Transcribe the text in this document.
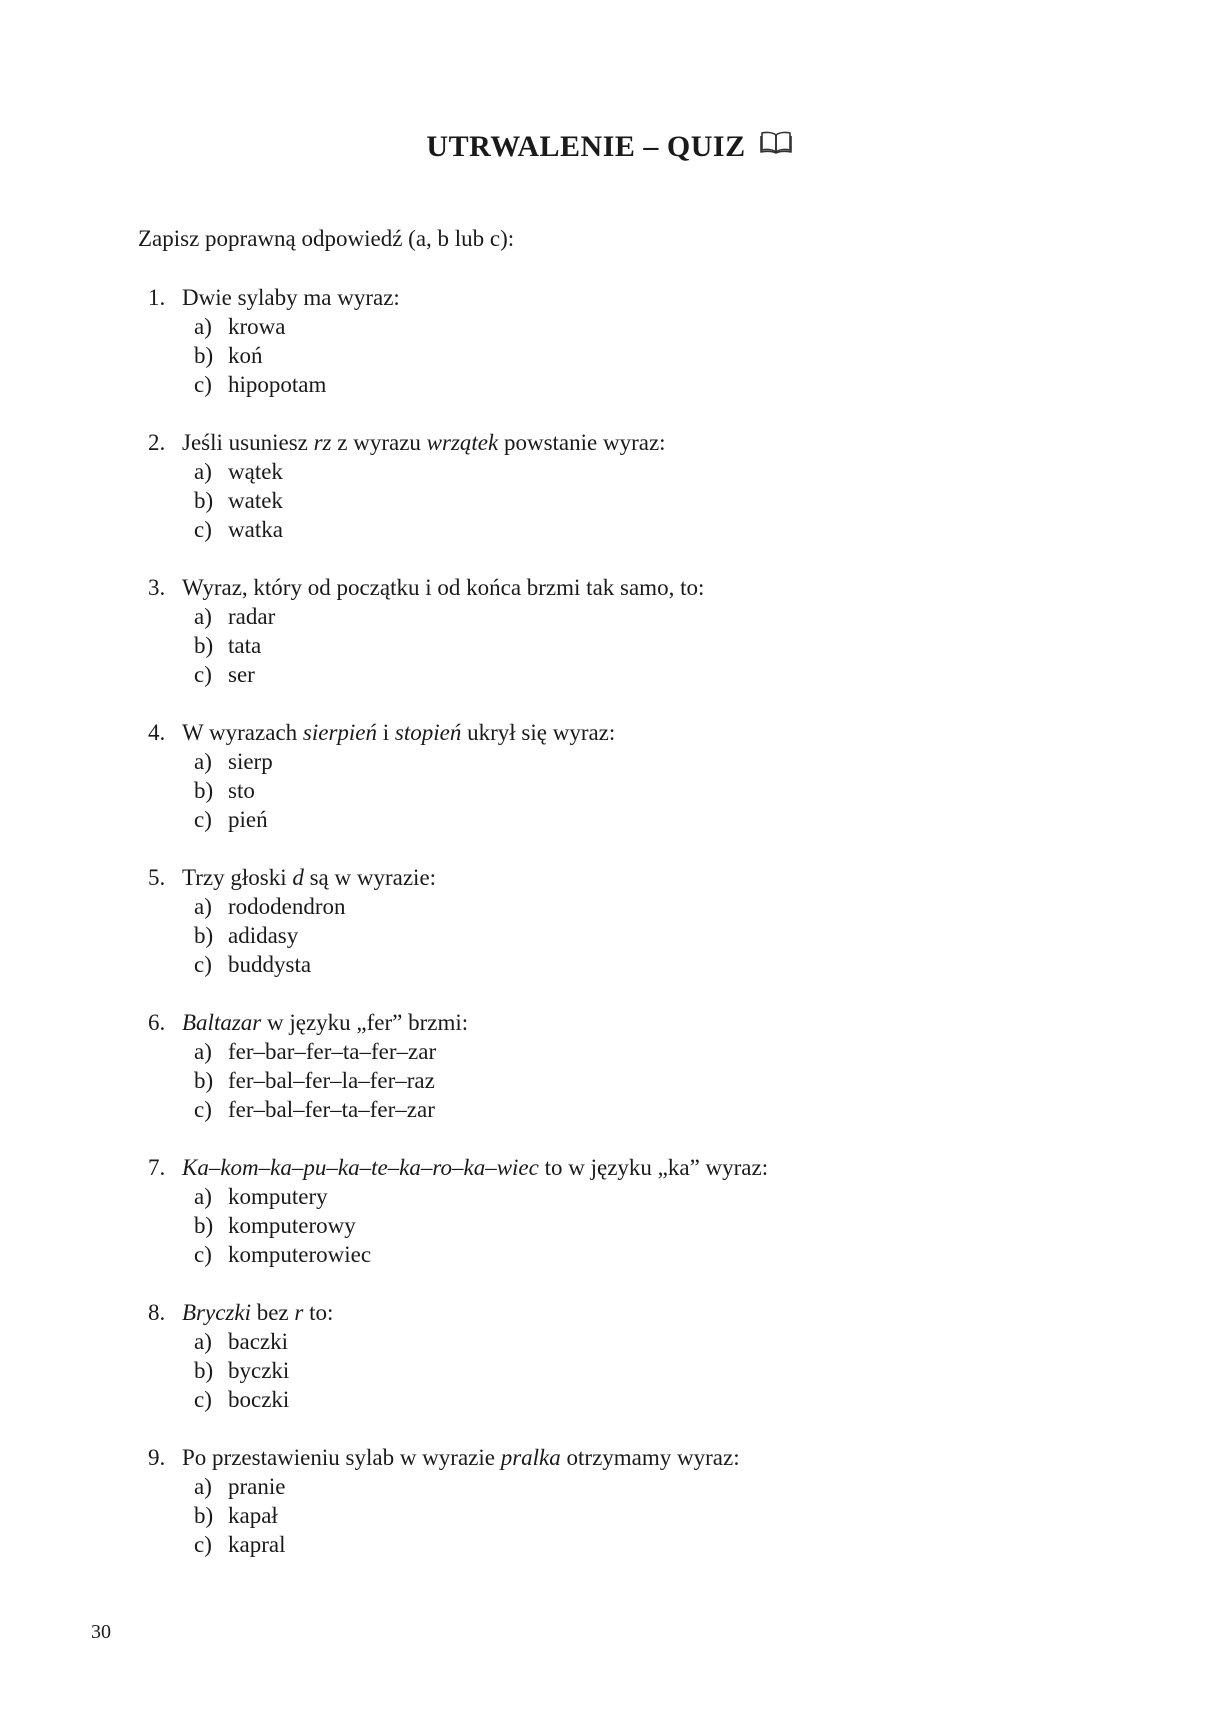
UTRWALENIE – QUIZ

Zapisz poprawną odpowiedź (a, b lub c):

1. Dwie sylaby ma wyraz:
a) krowa
b) koń
c) hipopotam
2. Jeśli usuniesz rz z wyrazu wrzątek powstanie wyraz:
a) wątek
b) watek
c) watka
3. Wyraz, który od początku i od końca brzmi tak samo, to:
a) radar
b) tata
c) ser
4. W wyrazach sierpień i stopień ukrył się wyraz:
a) sierp
b) sto
c) pień
5. Trzy głoski d są w wyrazie:
a) rododendron
b) adidasy
c) buddysta
6. Baltazar w języku „fer” brzmi:
a) fer–bar–fer–ta–fer–zar
b) fer–bal–fer–la–fer–raz
c) fer–bal–fer–ta–fer–zar
7. Ka–kom–ka–pu–ka–te–ka–ro–ka–wiec to w języku „ka” wyraz:
a) komputery
b) komputerowy
c) komputerowiec
8. Bryczki bez r to:
a) baczki
b) byczki
c) boczki
9. Po przestawieniu sylab w wyrazie pralka otrzymamy wyraz:
a) pranie
b) kapał
c) kapral
30
